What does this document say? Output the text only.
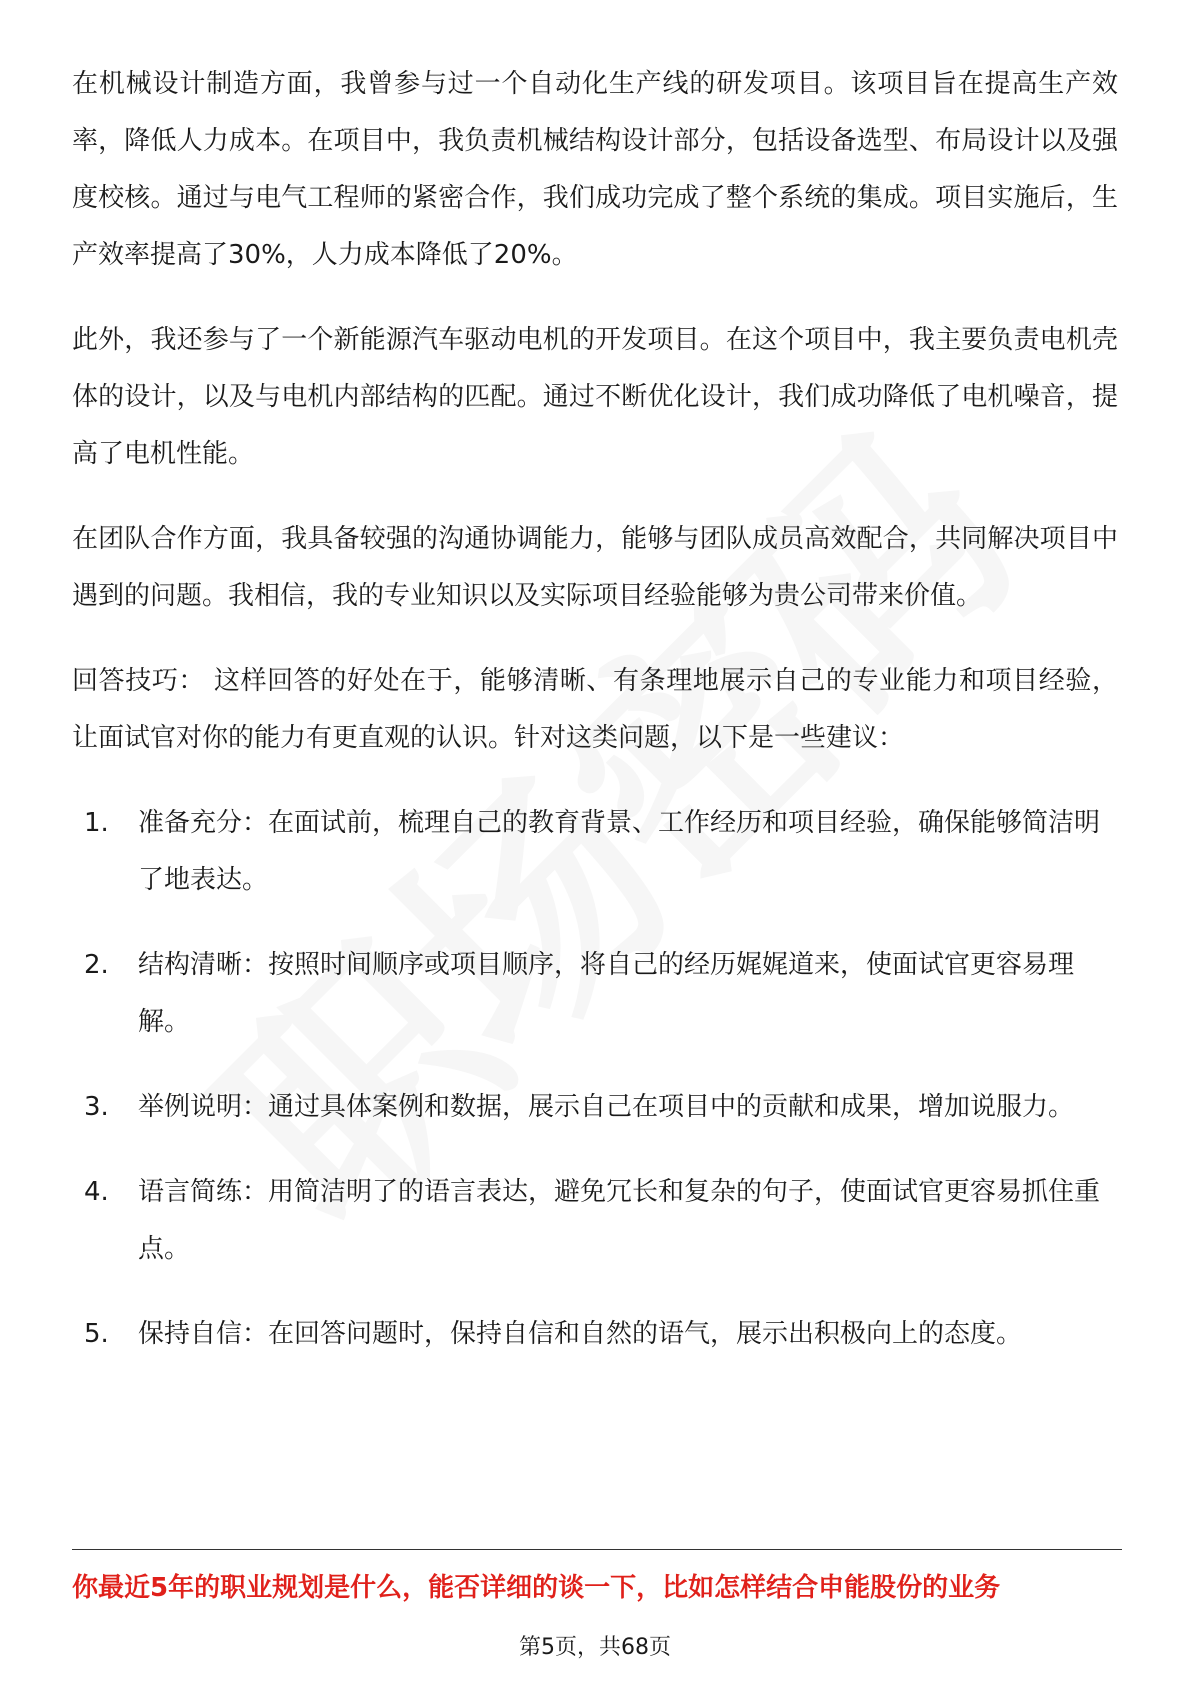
在机械设计制造方面，我曾参与过一个自动化生产线的研发项目。该项目旨在提高生产效率，降低人力成本。在项目中，我负责机械结构设计部分，包括设备选型、布局设计以及强度校核。通过与电气工程师的紧密合作，我们成功完成了整个系统的集成。项目实施后，生产效率提高了30%，人力成本降低了20%。

此外，我还参与了一个新能源汽车驱动电机的开发项目。在这个项目中，我主要负责电机壳体的设计，以及与电机内部结构的匹配。通过不断优化设计，我们成功降低了电机噪音，提高了电机性能。

在团队合作方面，我具备较强的沟通协调能力，能够与团队成员高效配合，共同解决项目中遇到的问题。我相信，我的专业知识以及实际项目经验能够为贵公司带来价值。

回答技巧： 这样回答的好处在于，能够清晰、有条理地展示自己的专业能力和项目经验，让面试官对你的能力有更直观的认识。针对这类问题，以下是一些建议：

1.	准备充分：在面试前，梳理自己的教育背景、工作经历和项目经验，确保能够简洁明了地表达。
2.	结构清晰：按照时间顺序或项目顺序，将自己的经历娓娓道来，使面试官更容易理解。
3.	举例说明：通过具体案例和数据，展示自己在项目中的贡献和成果，增加说服力。
4.	语言简练：用简洁明了的语言表达，避免冗长和复杂的句子，使面试官更容易抓住重点。
5.	保持自信：在回答问题时，保持自信和自然的语气，展示出积极向上的态度。
你最近5年的职业规划是什么，能否详细的谈一下，比如怎样结合申能股份的业务
第5页，共68页
